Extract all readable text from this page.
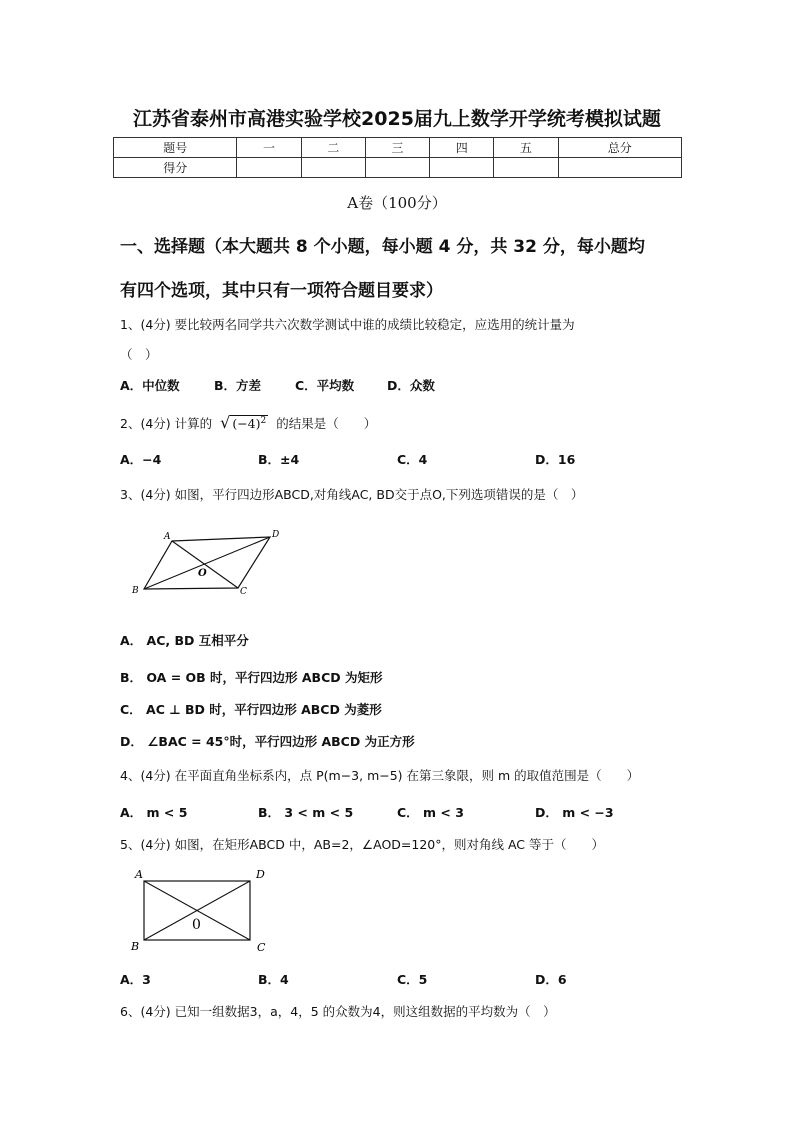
江苏省泰州市高港实验学校2025届九上数学开学统考模拟试题
题号	一	二	三	四	五	总分
得分						
A卷（100分）
一、选择题（本大题共 8 个小题，每小题 4 分，共 32 分，每小题均
有四个选项，其中只有一项符合题目要求）
1、(4分) 要比较两名同学共六次数学测试中谁的成绩比较稳定，应选用的统计量为
（　）
A．中位数	B．方差	C．平均数	D．众数
2、(4分) 计算的 √ $(-4)^2$ 的结果是（　　）
A．−4	B．±4	C．4	D．16
3、(4分) 如图，平行四边形ABCD,对角线AC, BD交于点O,下列选项错误的是（　）
A	D
B	C
O
A． AC, BD 互相平分
B． OA = OB 时，平行四边形 ABCD 为矩形
C． AC ⊥ BD 时，平行四边形 ABCD 为菱形
D． ∠BAC = 45°时，平行四边形 ABCD 为正方形
4、(4分) 在平面直角坐标系内，点 P(m−3, m−5) 在第三象限，则 m 的取值范围是（　　）
A． m < 5	B． 3 < m < 5	C． m < 3	D． m < −3
5、(4分) 如图，在矩形ABCD 中，AB=2，∠AOD=120°，则对角线 AC 等于（　　）
A	D
B	C
0
A．3	B．4	C．5	D．6
6、(4分) 已知一组数据3，a，4，5 的众数为4，则这组数据的平均数为（　）
